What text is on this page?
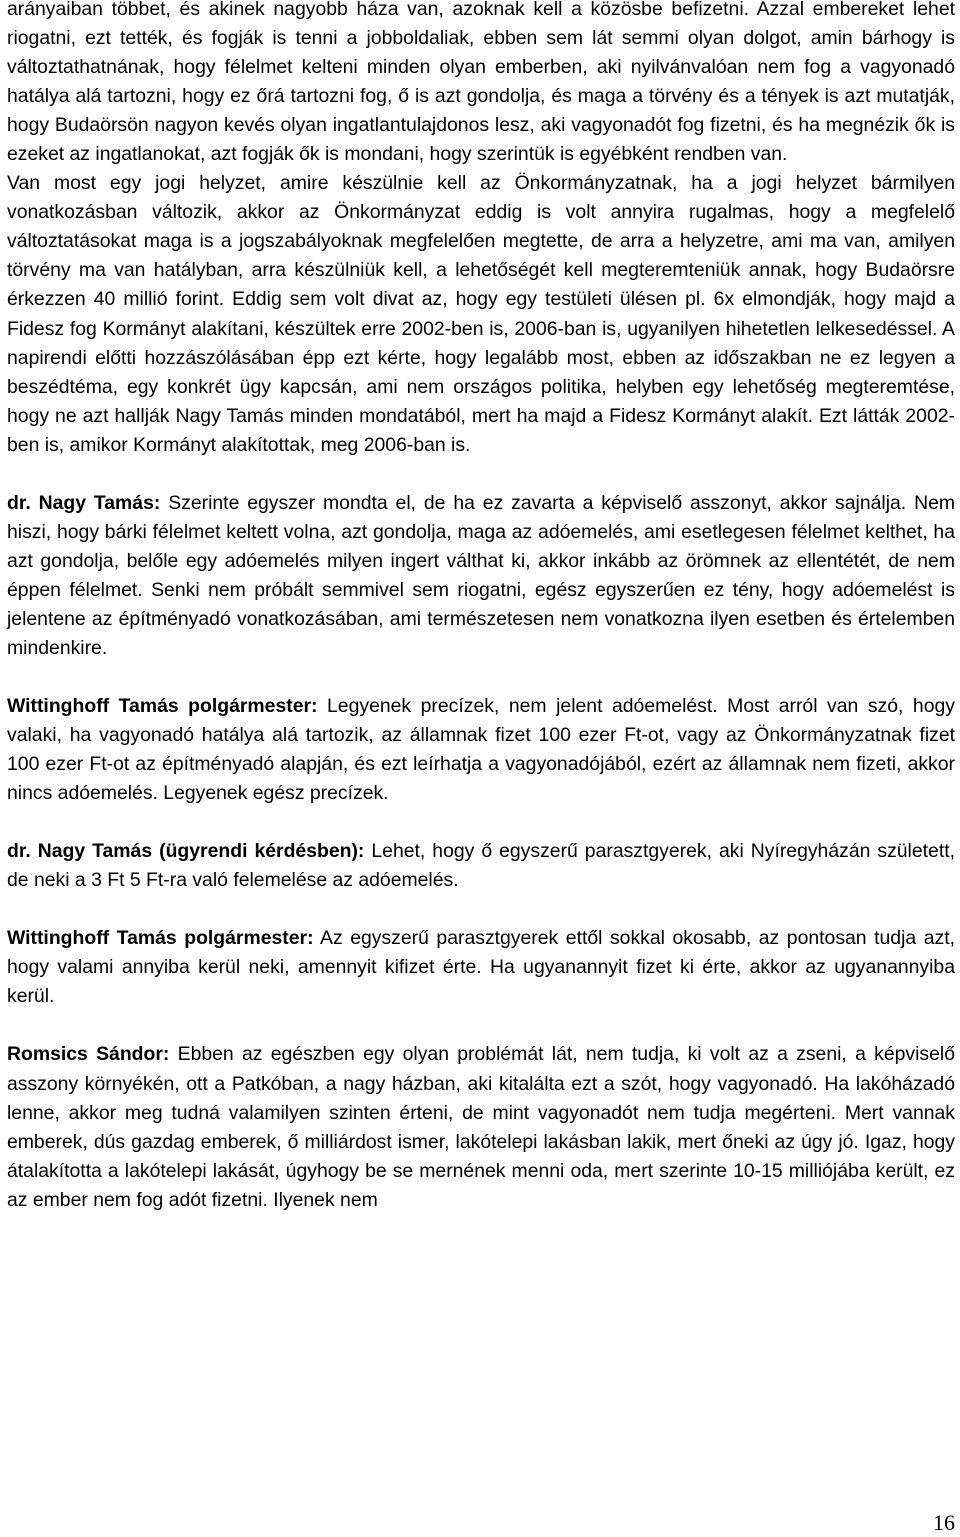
arányaiban többet, és akinek nagyobb háza van, azoknak kell a közösbe befizetni. Azzal embereket lehet riogatni, ezt tették, és fogják is tenni a jobboldaliak, ebben sem lát semmi olyan dolgot, amin bárhogy is változtathatnának, hogy félelmet kelteni minden olyan emberben, aki nyilvánvalóan nem fog a vagyonadó hatálya alá tartozni, hogy ez őrá tartozni fog, ő is azt gondolja, és maga a törvény és a tények is azt mutatják, hogy Budaörsön nagyon kevés olyan ingatlantulajdonos lesz, aki vagyonadót fog fizetni, és ha megnézik ők is ezeket az ingatlanokat, azt fogják ők is mondani, hogy szerintük is egyébként rendben van.

Van most egy jogi helyzet, amire készülnie kell az Önkormányzatnak, ha a jogi helyzet bármilyen vonatkozásban változik, akkor az Önkormányzat eddig is volt annyira rugalmas, hogy a megfelelő változtatásokat maga is a jogszabályoknak megfelelően megtette, de arra a helyzetre, ami ma van, amilyen törvény ma van hatályban, arra készülniük kell, a lehetőségét kell megteremteniük annak, hogy Budaörsre érkezzen 40 millió forint. Eddig sem volt divat az, hogy egy testületi ülésen pl. 6x elmondják, hogy majd a Fidesz fog Kormányt alakítani, készültek erre 2002-ben is, 2006-ban is, ugyanilyen hihetetlen lelkesedéssel. A napirendi előtti hozzászólásában épp ezt kérte, hogy legalább most, ebben az időszakban ne ez legyen a beszédtéma, egy konkrét ügy kapcsán, ami nem országos politika, helyben egy lehetőség megteremtése, hogy ne azt hallják Nagy Tamás minden mondatából, mert ha majd a Fidesz Kormányt alakít. Ezt látták 2002-ben is, amikor Kormányt alakítottak, meg 2006-ban is.

dr. Nagy Tamás: Szerinte egyszer mondta el, de ha ez zavarta a képviselő asszonyt, akkor sajnálja. Nem hiszi, hogy bárki félelmet keltett volna, azt gondolja, maga az adóemelés, ami esetlegesen félelmet kelthet, ha azt gondolja, belőle egy adóemelés milyen ingert válthat ki, akkor inkább az örömnek az ellentétét, de nem éppen félelmet. Senki nem próbált semmivel sem riogatni, egész egyszerűen ez tény, hogy adóemelést is jelentene az építményadó vonatkozásában, ami természetesen nem vonatkozna ilyen esetben és értelemben mindenkire.

Wittinghoff Tamás polgármester: Legyenek precízek, nem jelent adóemelést. Most arról van szó, hogy valaki, ha vagyonadó hatálya alá tartozik, az államnak fizet 100 ezer Ft-ot, vagy az Önkormányzatnak fizet 100 ezer Ft-ot az építményadó alapján, és ezt leírhatja a vagyonadójából, ezért az államnak nem fizeti, akkor nincs adóemelés. Legyenek egész precízek.

dr. Nagy Tamás (ügyrendi kérdésben): Lehet, hogy ő egyszerű parasztgyerek, aki Nyíregyházán született, de neki a 3 Ft 5 Ft-ra való felemelése az adóemelés.

Wittinghoff Tamás polgármester: Az egyszerű parasztgyerek ettől sokkal okosabb, az pontosan tudja azt, hogy valami annyiba kerül neki, amennyit kifizet érte. Ha ugyanannyit fizet ki érte, akkor az ugyanannyiba kerül.

Romsics Sándor: Ebben az egészben egy olyan problémát lát, nem tudja, ki volt az a zseni, a képviselő asszony környékén, ott a Patkóban, a nagy házban, aki kitalálta ezt a szót, hogy vagyonadó. Ha lakóházadó lenne, akkor meg tudná valamilyen szinten érteni, de mint vagyonadót nem tudja megérteni. Mert vannak emberek, dús gazdag emberek, ő milliárdost ismer, lakótelepi lakásban lakik, mert őneki az úgy jó. Igaz, hogy átalakította a lakótelepi lakását, úgyhogy be se mernének menni oda, mert szerinte 10-15 milliójába került, ez az ember nem fog adót fizetni. Ilyenek nem

16
